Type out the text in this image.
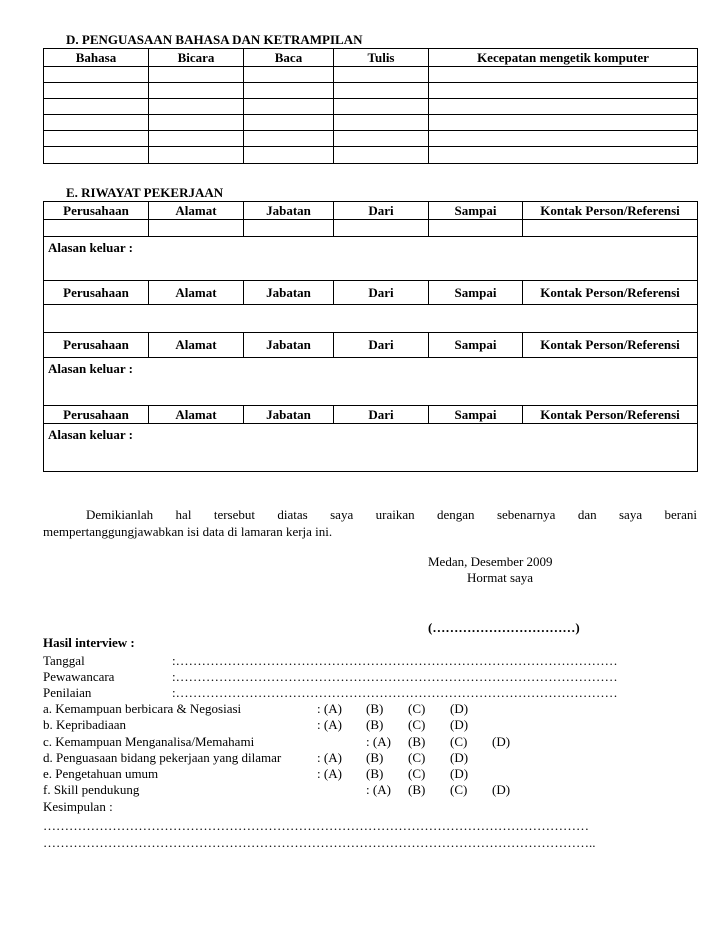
D. PENGUASAAN BAHASA DAN KETRAMPILAN
Bahasa	Bicara	Baca	Tulis	Kecepatan mengetik komputer

E. RIWAYAT PEKERJAAN
Perusahaan	Alamat	Jabatan	Dari	Sampai	Kontak Person/Referensi

Alasan keluar :					
Perusahaan	Alamat	Jabatan	Dari	Sampai	Kontak Person/Referensi

Perusahaan	Alamat	Jabatan	Dari	Sampai	Kontak Person/Referensi
Alasan keluar :					
Perusahaan	Alamat	Jabatan	Dari	Sampai	Kontak Person/Referensi
Alasan keluar :					
Demikianlah hal tersebut diatas saya uraikan dengan sebenarnya dan saya berani
mempertanggungjawabkan isi data di lamaran kerja ini.
Medan, Desember 2009
Hormat saya
(……………………………)
Hasil interview :
Tanggal	:…………………………………………………………………………………………
Pewawancara	:…………………………………………………………………………………………
Penilaian	:…………………………………………………………………………………………
a. Kemampuan berbicara & Negosiasi	: (A) (B) (C) (D)
b. Kepribadiaan	: (A) (B) (C) (D)
c. Kemampuan Menganalisa/Memahami	: (A) (B) (C) (D)
d. Penguasaan bidang pekerjaan yang dilamar	: (A) (B) (C) (D)
e. Pengetahuan umum	: (A) (B) (C) (D)
f. Skill pendukung	: (A) (B) (C) (D)
Kesimpulan :
………………………………………………………………………………………………………………
………………………………………………………………………………………………………………..
